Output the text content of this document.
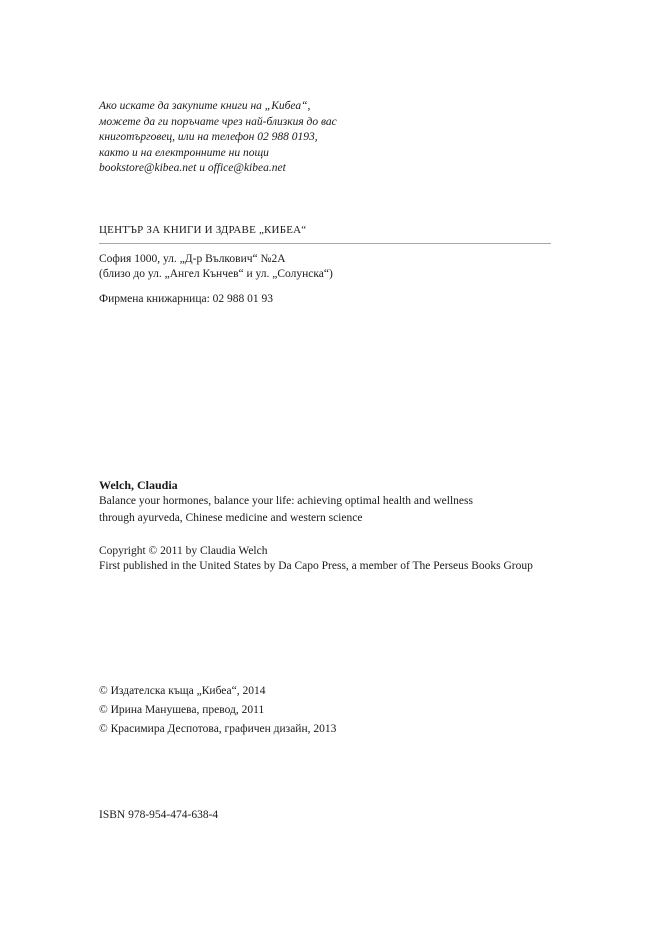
Ако искате да закупите книги на „Кибеа“,
можете да ги поръчате чрез най-близкия до вас
книготърговец, или на телефон 02 988 0193,
както и на електронните ни пощи
bookstore@kibea.net и office@kibea.net
ЦЕНТЪР ЗА КНИГИ И ЗДРАВЕ „КИБЕА“
София 1000, ул. „Д-р Вълкович“ №2А
(близо до ул. „Ангел Кънчев“ и ул. „Солунска“)
Фирмена книжарница: 02 988 01 93
Welch, Claudia
Balance your hormones, balance your life: achieving optimal health and wellness
through ayurveda, Chinese medicine and western science
Copyright © 2011 by Claudia Welch
First published in the United States by Da Capo Press, a member of The Perseus Books Group
© Издателска къща „Кибеа“, 2014
© Ирина Манушева, превод, 2011
© Красимира Деспотова, графичен дизайн, 2013
ISBN 978-954-474-638-4
